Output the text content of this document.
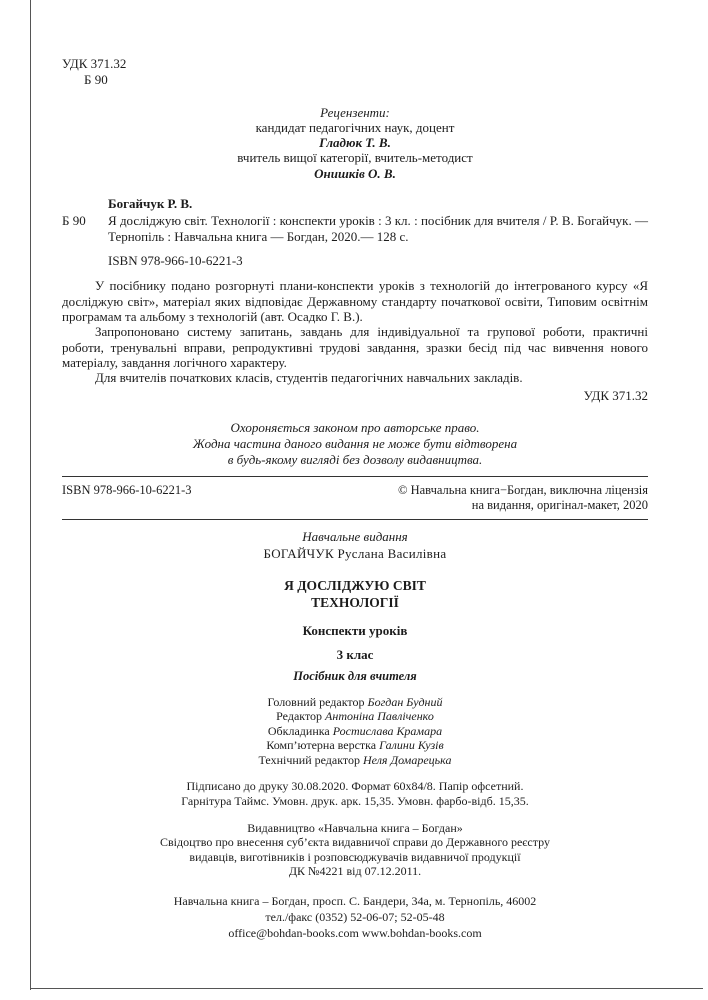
УДК 371.32
Б 90
Рецензенти:
кандидат педагогічних наук, доцент
Гладюк Т. В.
вчитель вищої категорії, вчитель-методист
Онишків О. В.
Богайчук Р. В.
Б 90 Я досліджую світ. Технології : конспекти уроків : 3 кл. : посібник для вчителя / Р. В. Богайчук. — Тернопіль : Навчальна книга — Богдан, 2020.— 128 с.
ISBN 978-966-10-6221-3

У посібнику подано розгорнуті плани-конспекти уроків з технологій до інтегрованого курсу «Я досліджую світ», матеріал яких відповідає Державному стандарту початкової освіти, Типовим освітнім програмам та альбому з технологій (авт. Осадко Г. В.).

Запропоновано систему запитань, завдань для індивідуальної та групової роботи, практичні роботи, тренувальні вправи, репродуктивні трудові завдання, зразки бесід під час вивчення нового матеріалу, завдання логічного характеру.

Для вчителів початкових класів, студентів педагогічних навчальних закладів.

УДК 371.32
Охороняється законом про авторське право.
Жодна частина даного видання не може бути відтворена
в будь-якому вигляді без дозволу видавництва.
ISBN 978-966-10-6221-3	© Навчальна книга−Богдан, виключна ліцензія
на видання, оригінал-макет, 2020
Навчальне видання
БОГАЙЧУК Руслана Василівна
Я ДОСЛІДЖУЮ СВІТ
ТЕХНОЛОГІЇ
Конспекти уроків
3 клас
Посібник для вчителя
Головний редактор Богдан Будний
Редактор Антоніна Павліченко
Обкладинка Ростислава Крамара
Комп’ютерна верстка Галини Кузів
Технічний редактор Неля Домарецька
Підписано до друку 30.08.2020. Формат 60х84/8. Папір офсетний.
Гарнітура Таймс. Умовн. друк. арк. 15,35. Умовн. фарбо-відб. 15,35.
Видавництво «Навчальна книга – Богдан»
Свідоцтво про внесення суб’єкта видавничої справи до Державного реєстру
видавців, виготівників і розповсюджувачів видавничої продукції
ДК №4221 від 07.12.2011.
Навчальна книга – Богдан, просп. С. Бандери, 34а, м. Тернопіль, 46002
тел./факс (0352) 52-06-07; 52-05-48
office@bohdan-books.com www.bohdan-books.com
